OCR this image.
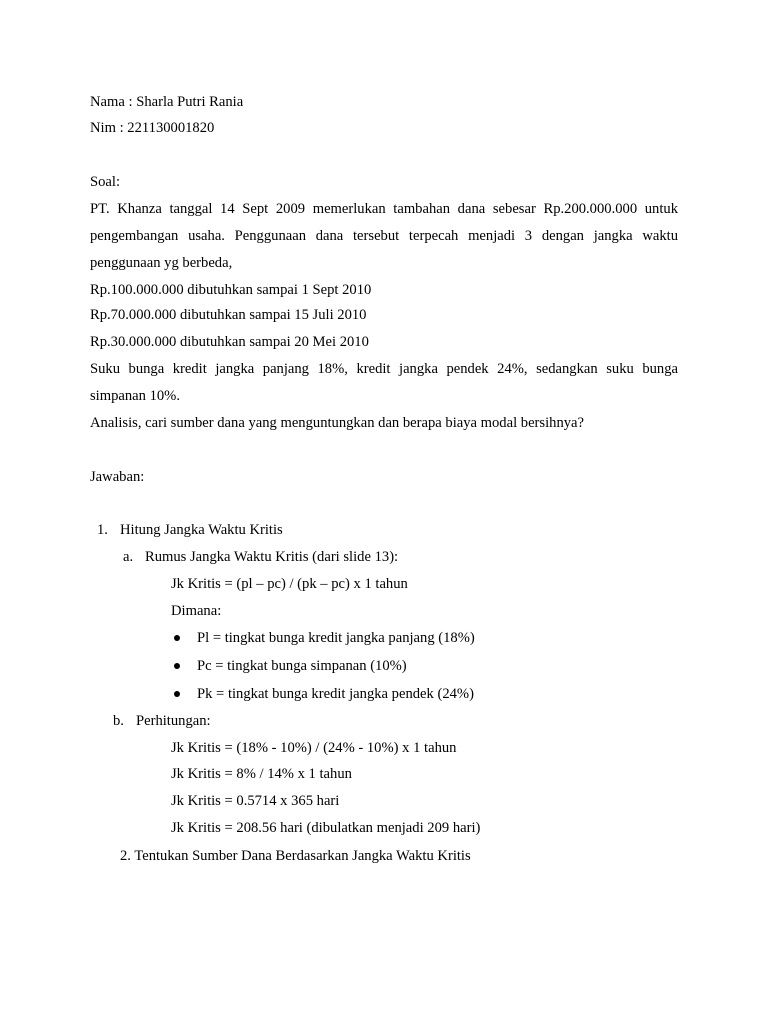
Nama : Sharla Putri Rania
Nim : 221130001820
Soal:
PT. Khanza tanggal 14 Sept 2009 memerlukan tambahan dana sebesar Rp.200.000.000 untuk
pengembangan usaha. Penggunaan dana tersebut terpecah menjadi 3 dengan jangka waktu
penggunaan yg berbeda,
Rp.100.000.000 dibutuhkan sampai 1 Sept 2010
Rp.70.000.000 dibutuhkan sampai 15 Juli 2010
Rp.30.000.000 dibutuhkan sampai 20 Mei 2010
Suku bunga kredit jangka panjang 18%, kredit jangka pendek 24%, sedangkan suku bunga
simpanan 10%.
Analisis, cari sumber dana yang menguntungkan dan berapa biaya modal bersihnya?
Jawaban:
1. Hitung Jangka Waktu Kritis
a. Rumus Jangka Waktu Kritis (dari slide 13):
Jk Kritis = (pl – pc) / (pk – pc) x 1 tahun
Dimana:
Pl = tingkat bunga kredit jangka panjang (18%)
Pc = tingkat bunga simpanan (10%)
Pk = tingkat bunga kredit jangka pendek (24%)
b. Perhitungan:
Jk Kritis = (18% - 10%) / (24% - 10%) x 1 tahun
Jk Kritis = 8% / 14% x 1 tahun
Jk Kritis = 0.5714 x 365 hari
Jk Kritis = 208.56 hari (dibulatkan menjadi 209 hari)
2. Tentukan Sumber Dana Berdasarkan Jangka Waktu Kritis
